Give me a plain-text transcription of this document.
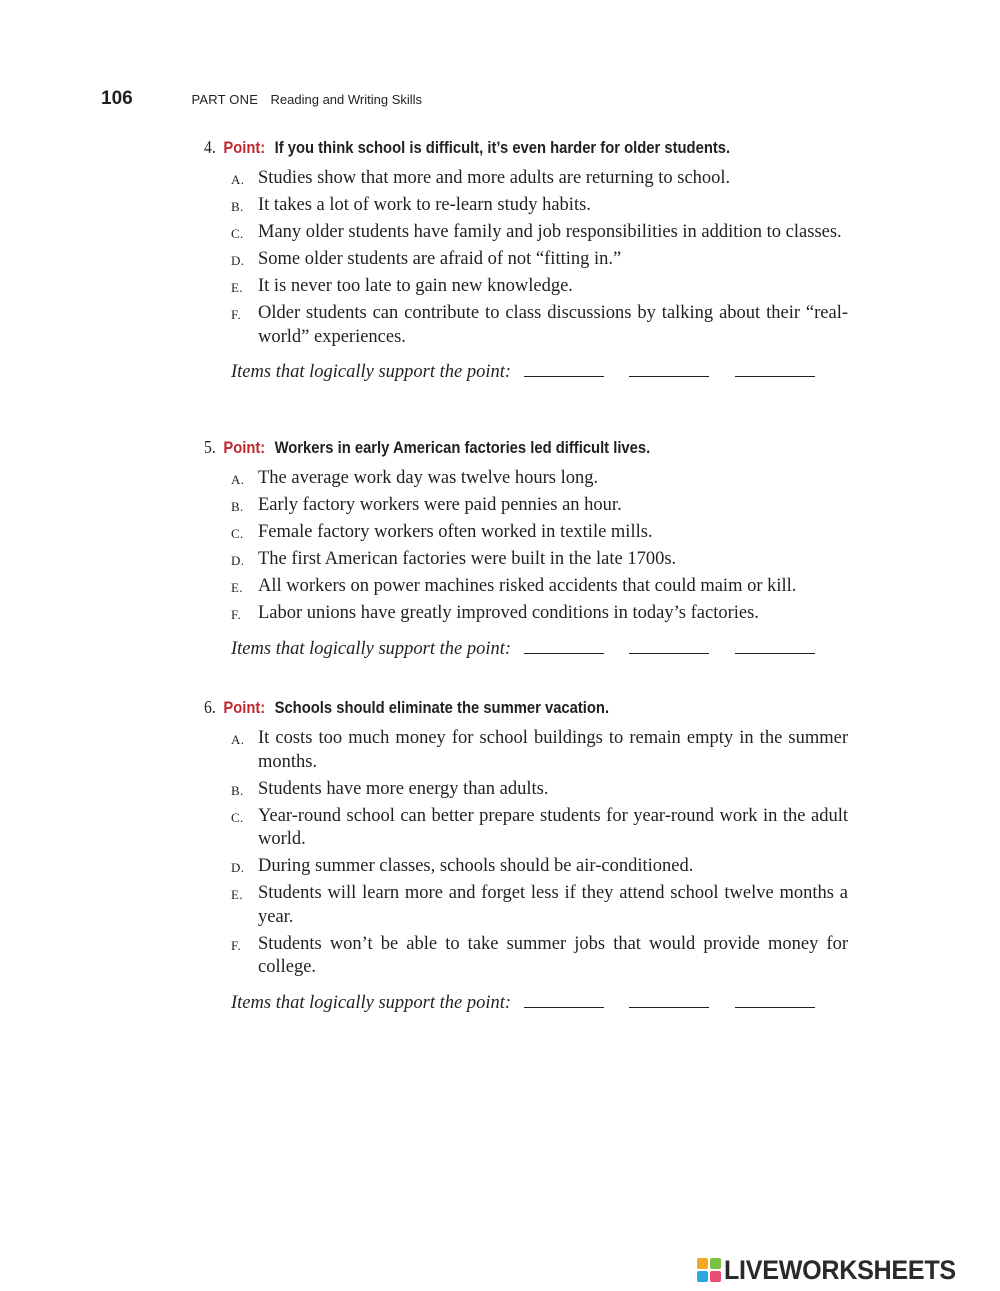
106	PART ONE Reading and Writing Skills
4. Point: If you think school is difficult, it’s even harder for older students.
A. Studies show that more and more adults are returning to school.
B. It takes a lot of work to re-learn study habits.
C. Many older students have family and job responsibilities in addition to classes.
D. Some older students are afraid of not “fitting in.”
E. It is never too late to gain new knowledge.
F. Older students can contribute to class discussions by talking about their “real-world” experiences.
Items that logically support the point:
5. Point: Workers in early American factories led difficult lives.
A. The average work day was twelve hours long.
B. Early factory workers were paid pennies an hour.
C. Female factory workers often worked in textile mills.
D. The first American factories were built in the late 1700s.
E. All workers on power machines risked accidents that could maim or kill.
F. Labor unions have greatly improved conditions in today’s factories.
Items that logically support the point:
6. Point: Schools should eliminate the summer vacation.
A. It costs too much money for school buildings to remain empty in the summer months.
B. Students have more energy than adults.
C. Year-round school can better prepare students for year-round work in the adult world.
D. During summer classes, schools should be air-conditioned.
E. Students will learn more and forget less if they attend school twelve months a year.
F. Students won’t be able to take summer jobs that would provide money for college.
Items that logically support the point:
LIVEWORKSHEETS
